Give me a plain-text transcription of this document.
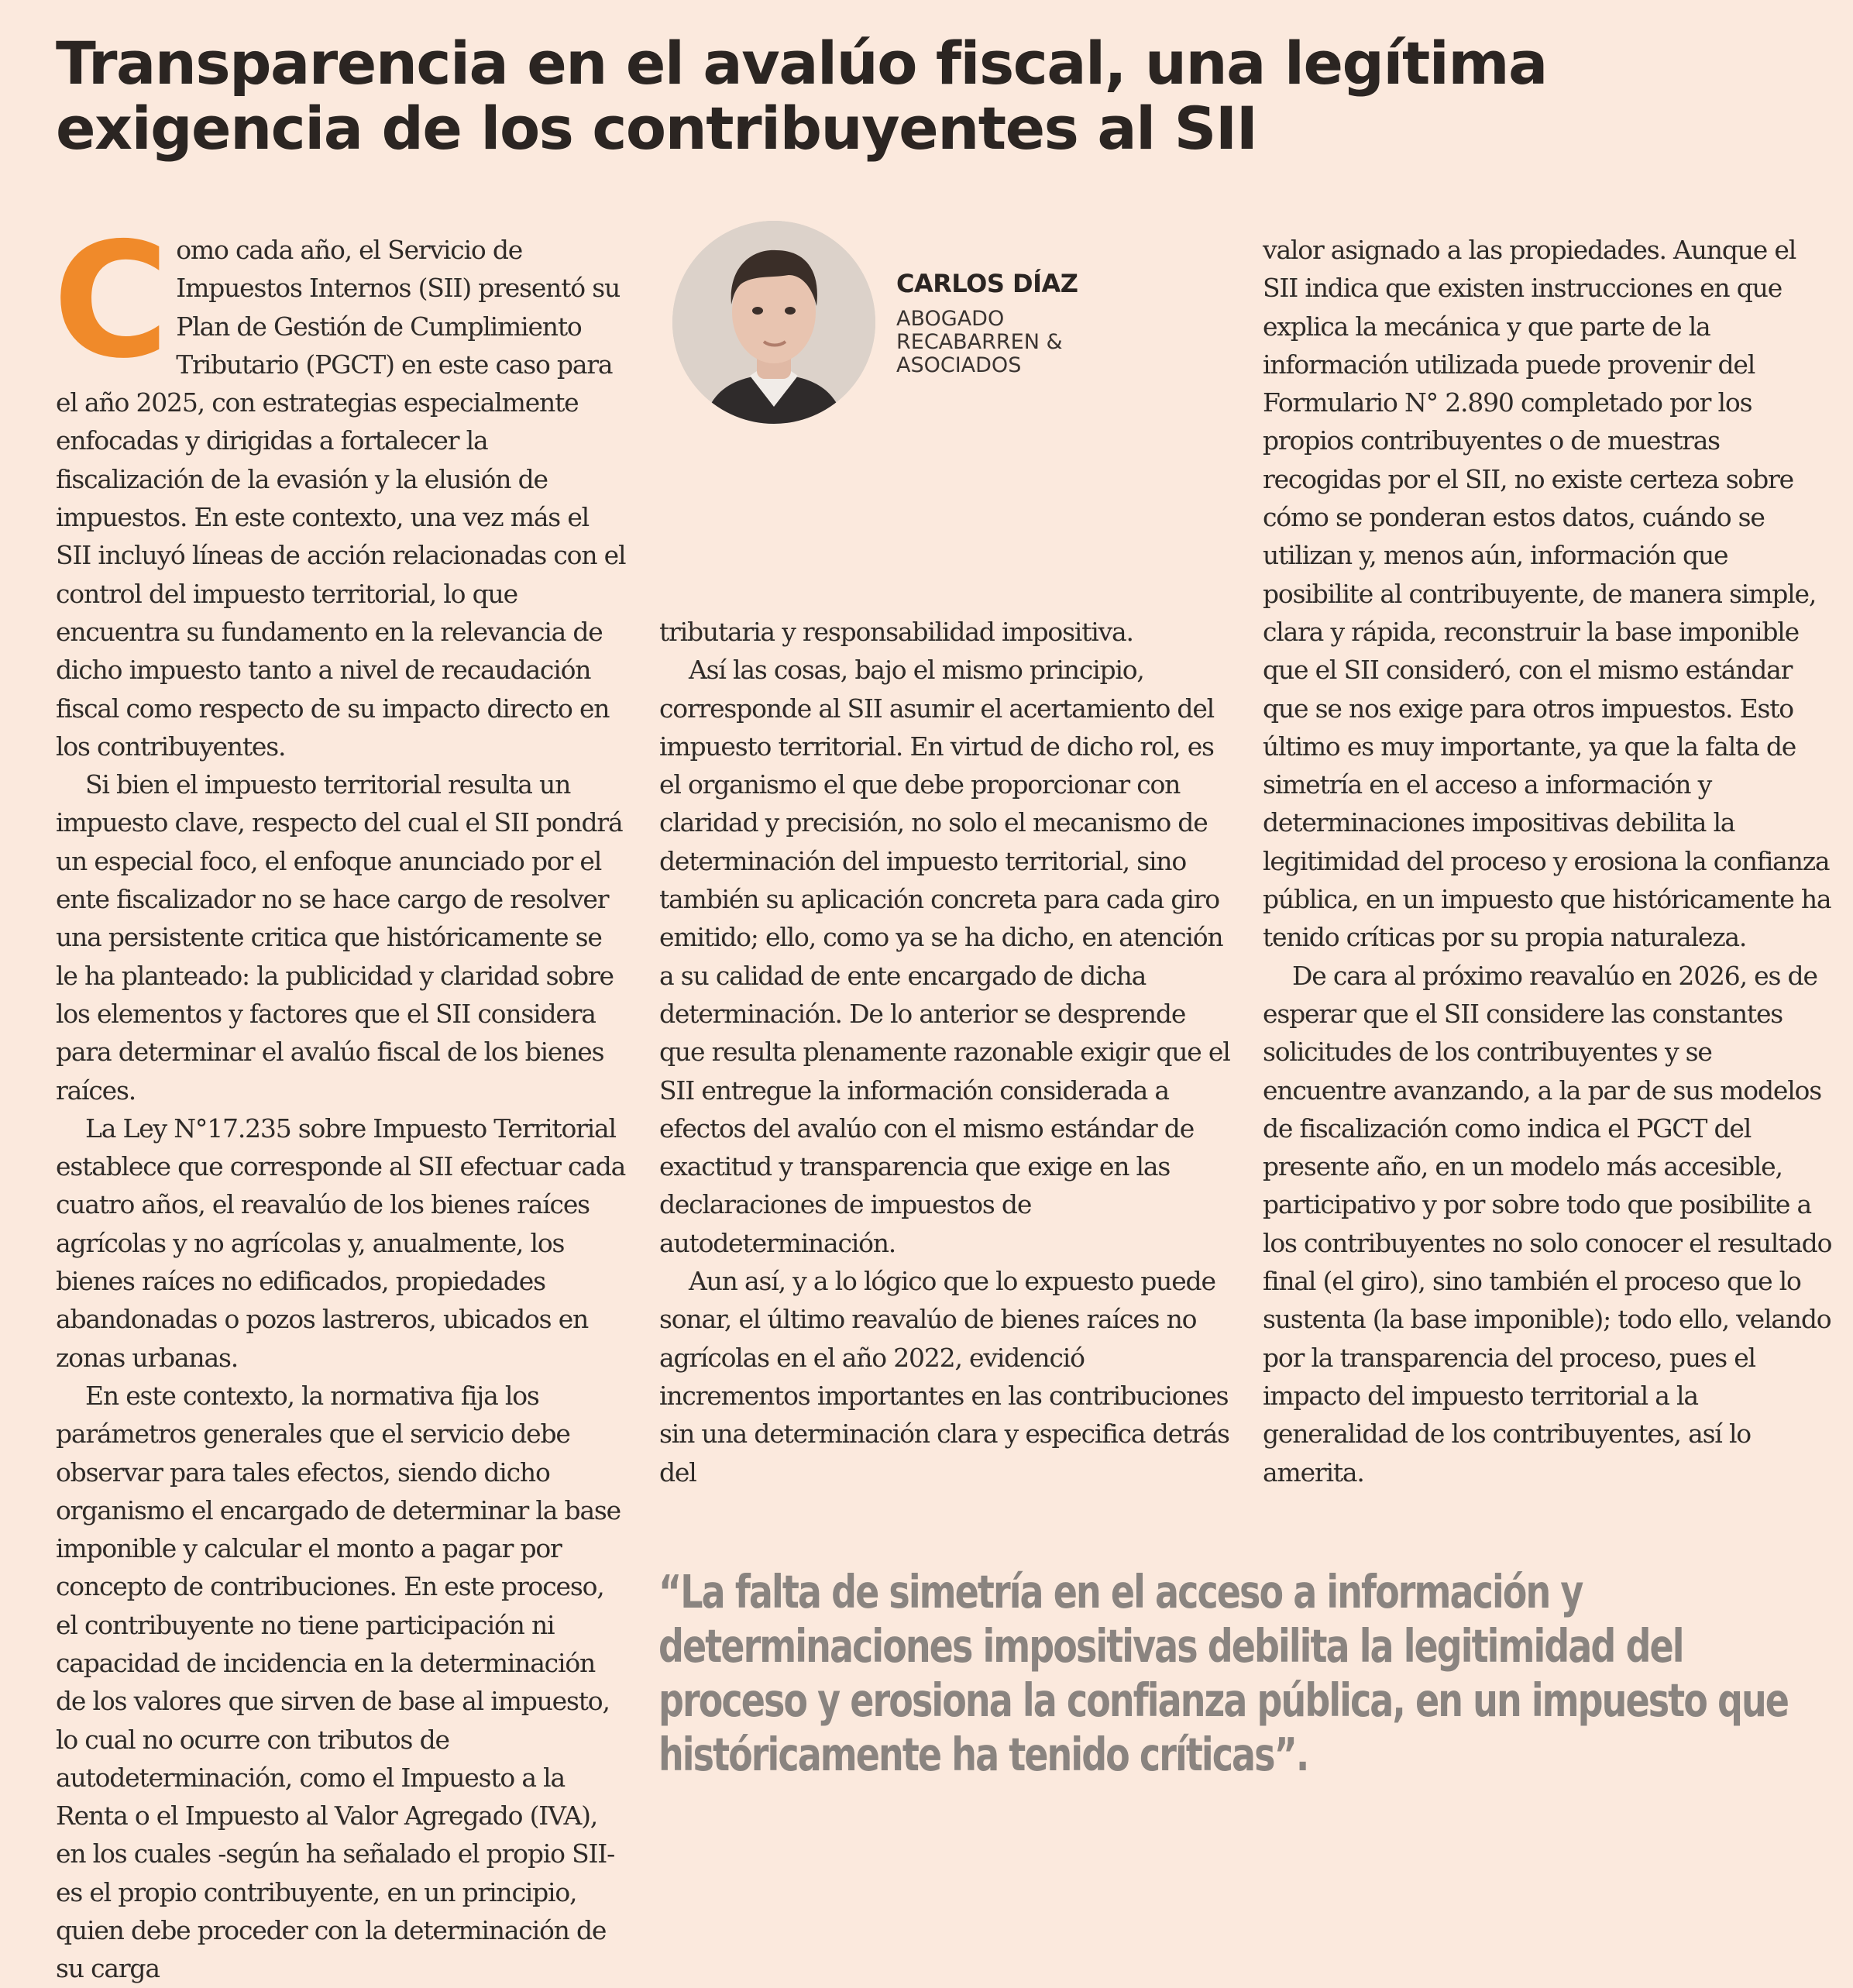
Transparencia en el avalúo fiscal, una legítima exigencia de los contribuyentes al SII

Como cada año, el Servicio de Impuestos Internos (SII) presentó su Plan de Gestión de Cumplimiento Tributario (PGCT) en este caso para el año 2025, con estrategias especialmente enfocadas y dirigidas a fortalecer la fiscalización de la evasión y la elusión de impuestos. En este contexto, una vez más el SII incluyó líneas de acción relacionadas con el control del impuesto territorial, lo que encuentra su fundamento en la relevancia de dicho impuesto tanto a nivel de recaudación fiscal como respecto de su impacto directo en los contribuyentes.

Si bien el impuesto territorial resulta un impuesto clave, respecto del cual el SII pondrá un especial foco, el enfoque anunciado por el ente fiscalizador no se hace cargo de resolver una persistente critica que históricamente se le ha planteado: la publicidad y claridad sobre los elementos y factores que el SII considera para determinar el avalúo fiscal de los bienes raíces.

La Ley N°17.235 sobre Impuesto Territorial establece que corresponde al SII efectuar cada cuatro años, el reavalúo de los bienes raíces agrícolas y no agrícolas y, anualmente, los bienes raíces no edificados, propiedades abandonadas o pozos lastreros, ubicados en zonas urbanas.

En este contexto, la normativa fija los parámetros generales que el servicio debe observar para tales efectos, siendo dicho organismo el encargado de determinar la base imponible y calcular el monto a pagar por concepto de contribuciones. En este proceso, el contribuyente no tiene participación ni capacidad de incidencia en la determinación de los valores que sirven de base al impuesto, lo cual no ocurre con tributos de autodeterminación, como el Impuesto a la Renta o el Impuesto al Valor Agregado (IVA), en los cuales -según ha señalado el propio SII- es el propio contribuyente, en un principio, quien debe proceder con la determinación de su carga

CARLOS DÍAZ
ABOGADO RECABARREN & ASOCIADOS

tributaria y responsabilidad impositiva.

Así las cosas, bajo el mismo principio, corresponde al SII asumir el acertamiento del impuesto territorial. En virtud de dicho rol, es el organismo el que debe proporcionar con claridad y precisión, no solo el mecanismo de determinación del impuesto territorial, sino también su aplicación concreta para cada giro emitido; ello, como ya se ha dicho, en atención a su calidad de ente encargado de dicha determinación. De lo anterior se desprende que resulta plenamente razonable exigir que el SII entregue la información considerada a efectos del avalúo con el mismo estándar de exactitud y transparencia que exige en las declaraciones de impuestos de autodeterminación.

Aun así, y a lo lógico que lo expuesto puede sonar, el último reavalúo de bienes raíces no agrícolas en el año 2022, evidenció incrementos importantes en las contribuciones sin una determinación clara y especifica detrás del

valor asignado a las propiedades. Aunque el SII indica que existen instrucciones en que explica la mecánica y que parte de la información utilizada puede provenir del Formulario N° 2.890 completado por los propios contribuyentes o de muestras recogidas por el SII, no existe certeza sobre cómo se ponderan estos datos, cuándo se utilizan y, menos aún, información que posibilite al contribuyente, de manera simple, clara y rápida, reconstruir la base imponible que el SII consideró, con el mismo estándar que se nos exige para otros impuestos. Esto último es muy importante, ya que la falta de simetría en el acceso a información y determinaciones impositivas debilita la legitimidad del proceso y erosiona la confianza pública, en un impuesto que históricamente ha tenido críticas por su propia naturaleza.

De cara al próximo reavalúo en 2026, es de esperar que el SII considere las constantes solicitudes de los contribuyentes y se encuentre avanzando, a la par de sus modelos de fiscalización como indica el PGCT del presente año, en un modelo más accesible, participativo y por sobre todo que posibilite a los contribuyentes no solo conocer el resultado final (el giro), sino también el proceso que lo sustenta (la base imponible); todo ello, velando por la transparencia del proceso, pues el impacto del impuesto territorial a la generalidad de los contribuyentes, así lo amerita.

“La falta de simetría en el acceso a información y determinaciones impositivas debilita la legitimidad del proceso y erosiona la confianza pública, en un impuesto que históricamente ha tenido críticas”.
